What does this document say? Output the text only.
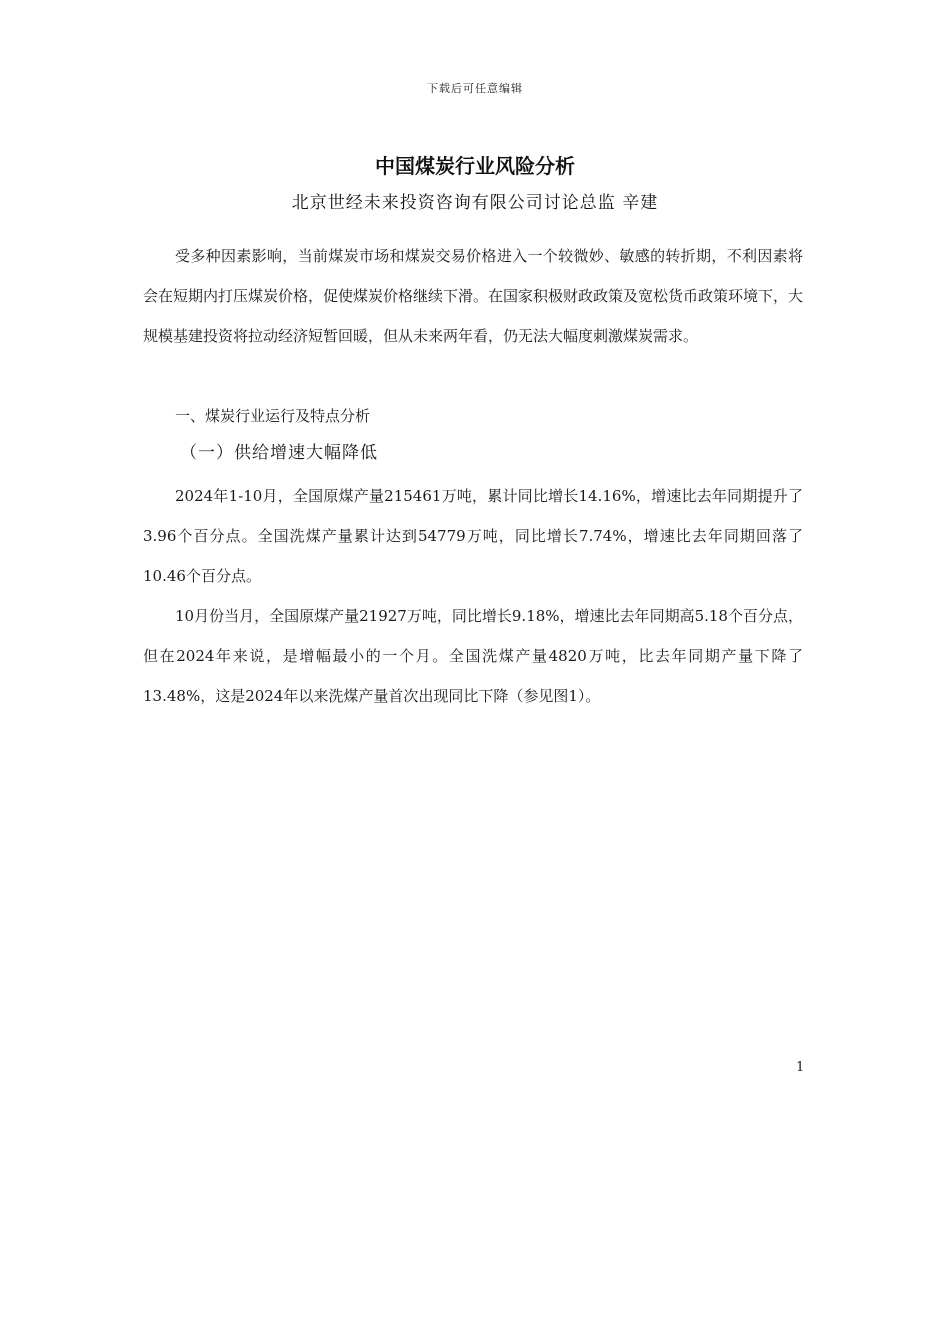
下载后可任意编辑
中国煤炭行业风险分析
北京世经未来投资咨询有限公司讨论总监 辛建

受多种因素影响，当前煤炭市场和煤炭交易价格进入一个较微妙、敏感的转折期，不利因素将会在短期内打压煤炭价格，促使煤炭价格继续下滑。在国家积极财政政策及宽松货币政策环境下，大规模基建投资将拉动经济短暂回暖，但从未来两年看，仍无法大幅度刺激煤炭需求。

一、煤炭行业运行及特点分析

（一）供给增速大幅降低

2024年1-10月，全国原煤产量215461万吨，累计同比增长14.16%，增速比去年同期提升了3.96个百分点。全国洗煤产量累计达到54779万吨，同比增长7.74%，增速比去年同期回落了10.46个百分点。

10月份当月，全国原煤产量21927万吨，同比增长9.18%，增速比去年同期高5.18个百分点，但在2024年来说，是增幅最小的一个月。全国洗煤产量4820万吨，比去年同期产量下降了13.48%，这是2024年以来洗煤产量首次出现同比下降（参见图1）。

1
